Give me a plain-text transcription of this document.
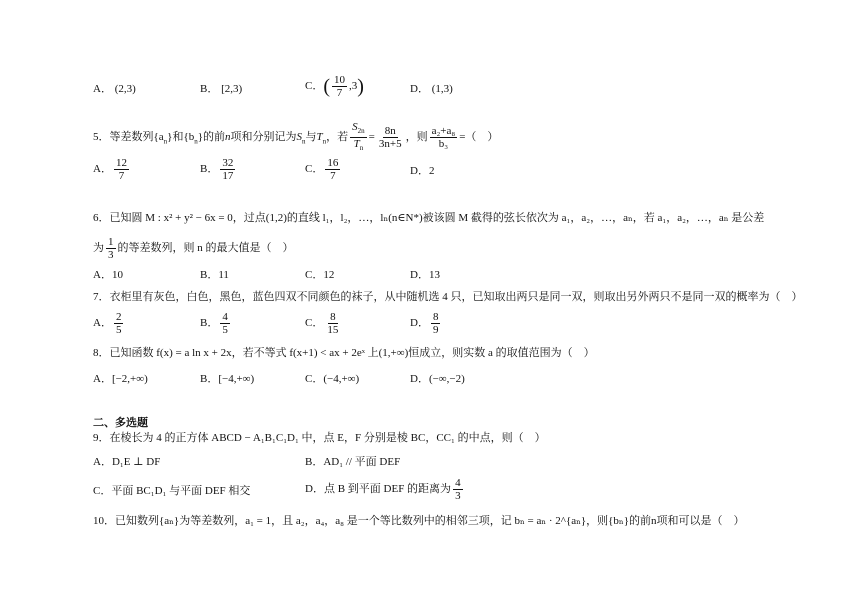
A． (2,3)	B． [2,3)	C．( $\frac{10}{7} ,3$)	D． (1,3)
5．等差数列$\{a_n\}$和$\{b_n\}$的前n项和分别记为$S_n$与$T_n$，若 $\frac{S_{2n}}{T_n} = \frac{8n}{3n+5}$ ，则 $\frac{\text{a₂+a₈}}{\text{b₃}}$ =（　）
A． $\frac{12}{7}$	B． $\frac{32}{17}$	C． $\frac{16}{7}$	D．2
6．已知圆 M : x² + y² − 6x = 0，过点(1,2)的直线 l₁，l₂，…，lₙ(n∈N*)被该圆 M 截得的弦长依次为 a₁，a₂，…，aₙ，若 a₁，a₂，…，aₙ 是公差
为 $\frac{1}{3}$ 的等差数列，则 n 的最大值是（　）
A．10	B．11	C．12	D．13
7．衣柜里有灰色，白色，黑色，蓝色四双不同颜色的袜子，从中随机选 4 只，已知取出两只是同一双，则取出另外两只不是同一双的概率为（　）
A． $\frac{2}{5}$	B． $\frac{4}{5}$	C． $\frac{8}{15}$	D． $\frac{8}{9}$
8．已知函数 f(x) = a ln x + 2x，若不等式 f(x+1) < ax + 2eˣ 上(1,+∞)恒成立，则实数 a 的取值范围为（　）
A．[−2,+∞)	B．[−4,+∞)	C．(−4,+∞)	D．(−∞,−2)
二、多选题
9．在棱长为 4 的正方体 ABCD − A₁B₁C₁D₁ 中，点 E，F 分别是棱 BC，CC₁ 的中点，则（　）
A．D₁E ⊥ DF	B．AD₁ // 平面 DEF
C．平面 BC₁D₁ 与平面 DEF 相交	D．点 B 到平面 DEF 的距离为 $\frac{4}{3}$
10．已知数列{aₙ}为等差数列，a₁ = 1，且 a₂，a₄，a₈ 是一个等比数列中的相邻三项，记 bₙ = aₙ · 2^{aₙ}，则{bₙ}的前n项和可以是（　）
